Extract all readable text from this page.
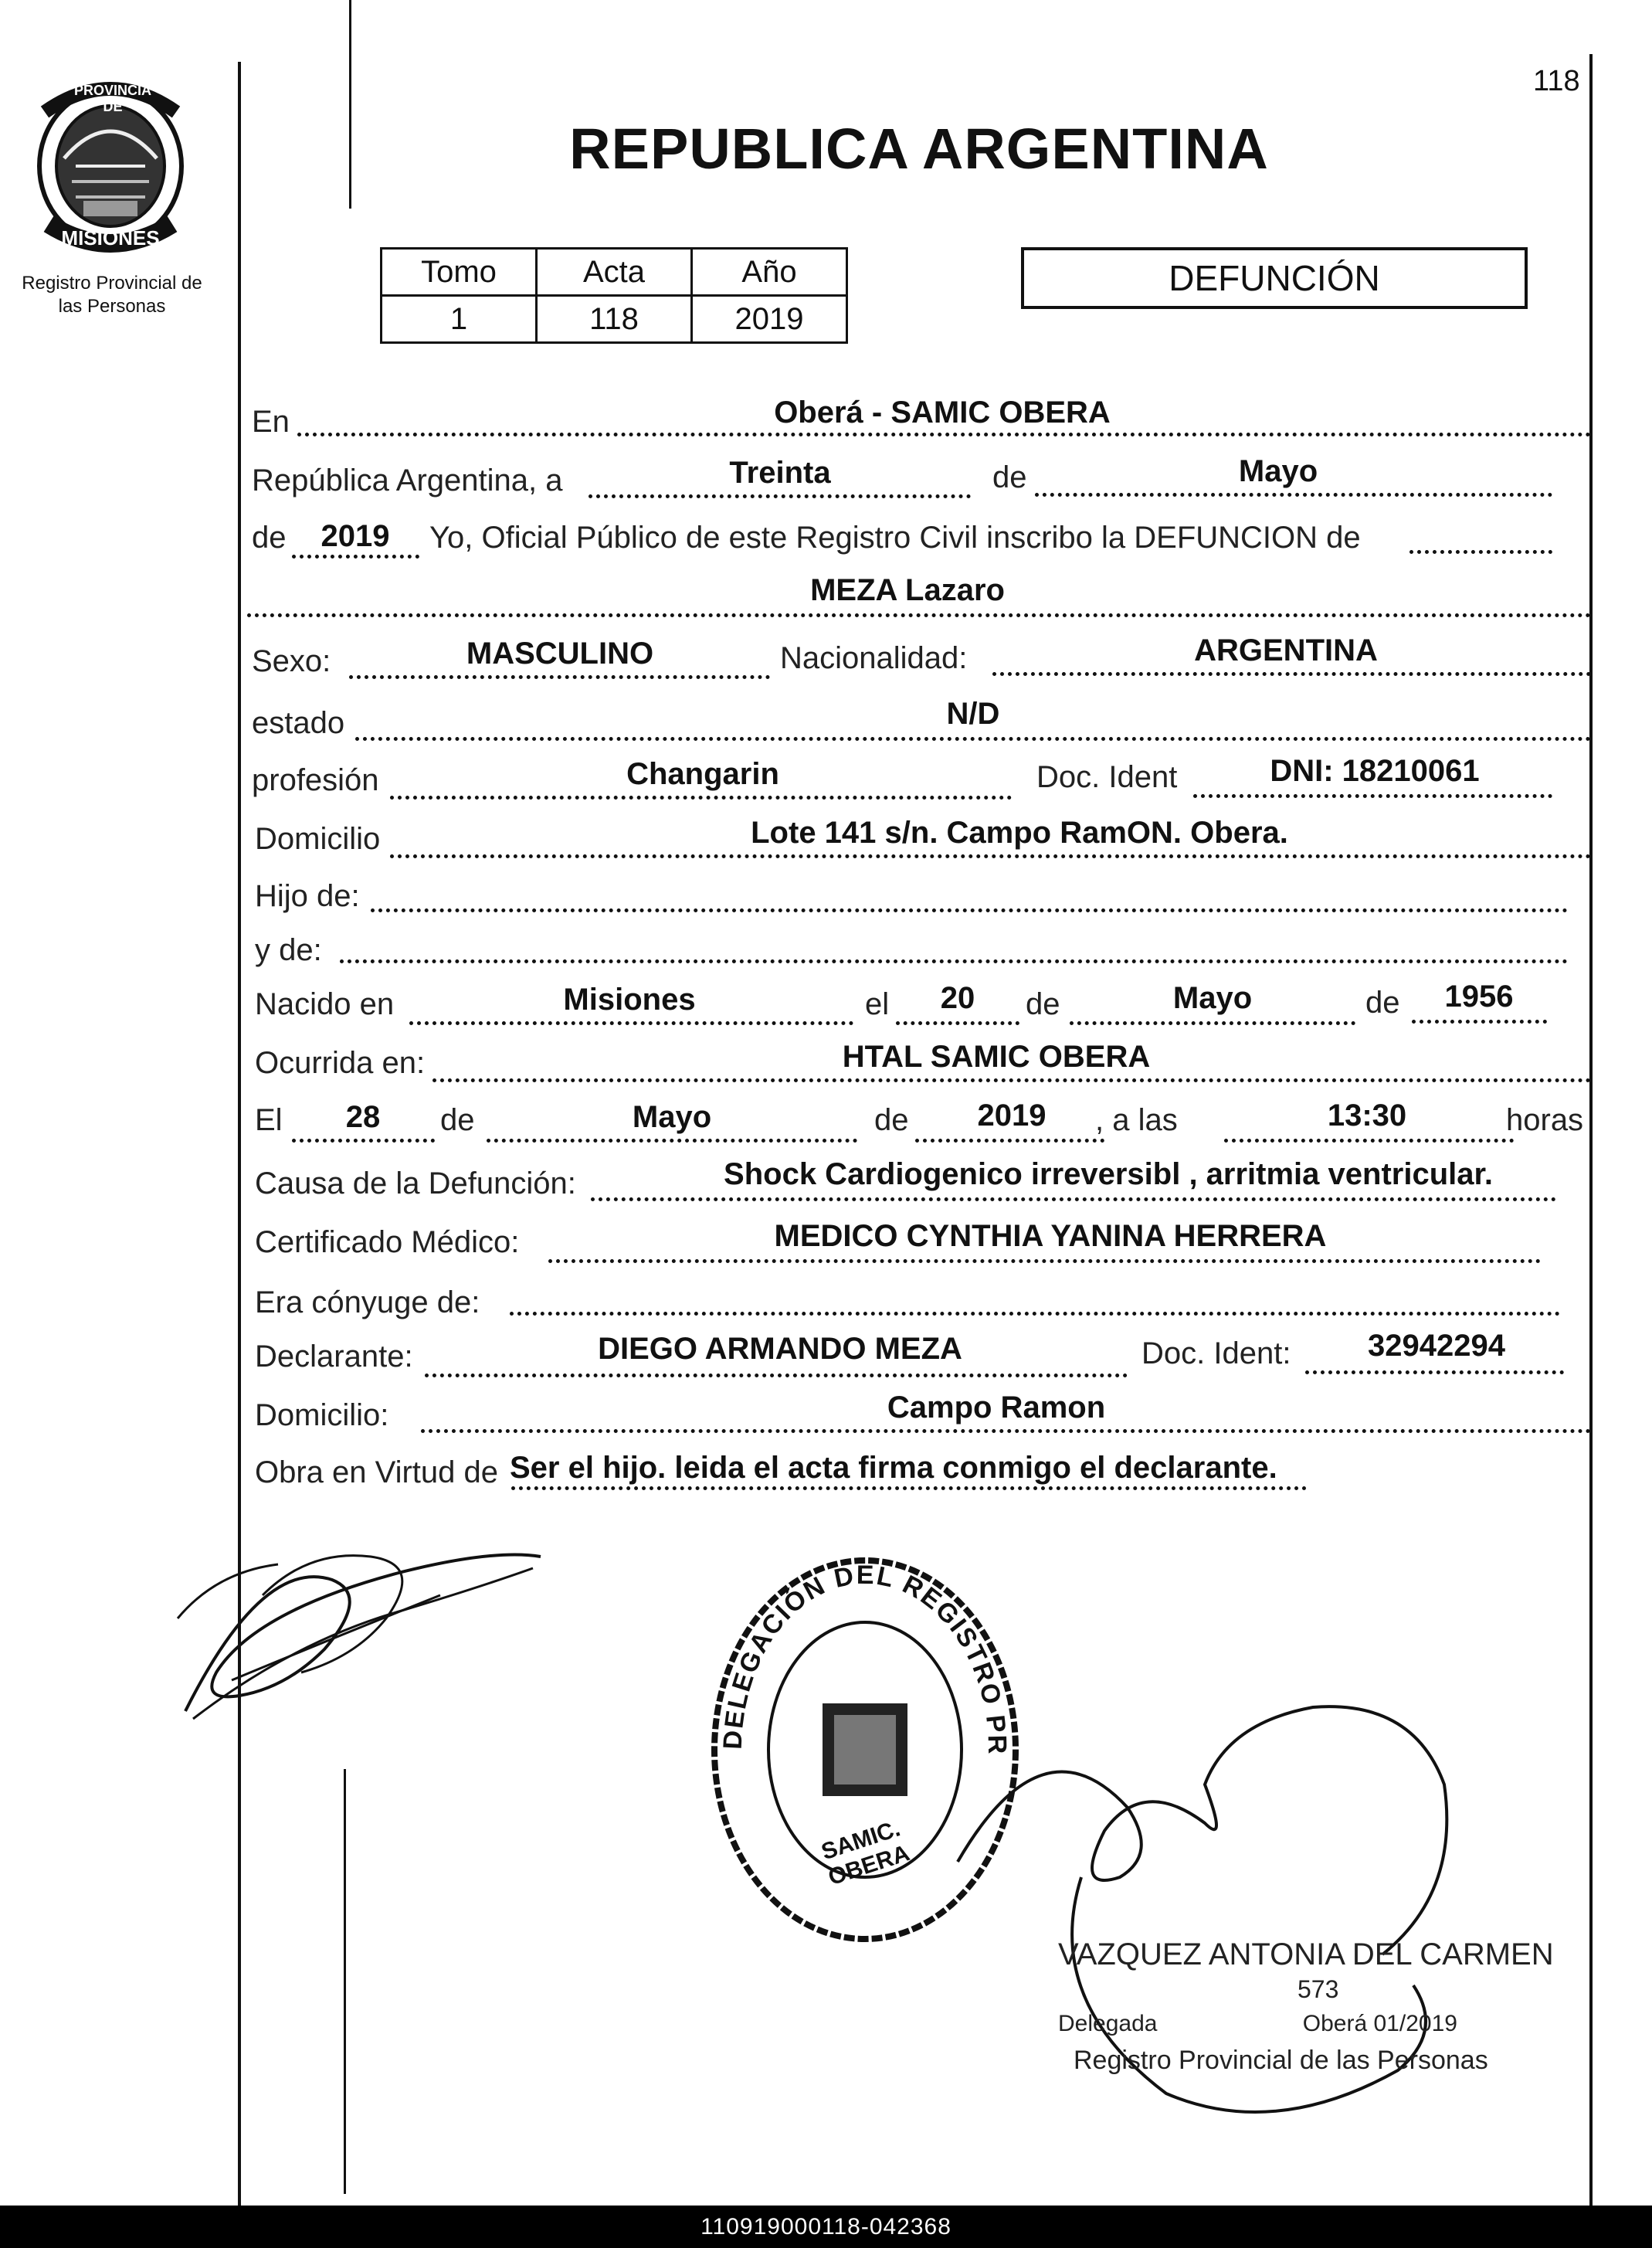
PROVINCIA DE
MISIONES
Registro Provincial de
las Personas
118
REPUBLICA ARGENTINA
Tomo	Acta	Año
1	118	2019
DEFUNCIÓN
En	Oberá - SAMIC OBERA
República Argentina, a	Treinta	de	Mayo
de	2019	Yo, Oficial Público de este Registro Civil inscribo la DEFUNCION de
MEZA Lazaro
Sexo:	MASCULINO	Nacionalidad:	ARGENTINA
estado	N/D
profesión	Changarin	Doc. Ident	DNI: 18210061
Domicilio	Lote 141 s/n. Campo RamON. Obera.
Hijo de:
y de:
Nacido en	Misiones	el	20	de	Mayo	de	1956
Ocurrida en:	HTAL SAMIC OBERA
El	28	de	Mayo	de	2019	, a las	13:30	horas
Causa de la Defunción:	Shock Cardiogenico irreversibl , arritmia ventricular.
Certificado Médico:	MEDICO CYNTHIA YANINA HERRERA
Era cónyuge de:
Declarante:	DIEGO ARMANDO MEZA	Doc. Ident:	32942294
Domicilio:	Campo Ramon
Obra en Virtud de Ser el hijo. leida el acta firma conmigo el declarante.
DELEGACIÓN DEL REGISTRO PR
SAMIC. OBERA
VAZQUEZ ANTONIA DEL CARMEN
573
Delegada	Oberá 01/2019
Registro Provincial de las Personas
110919000118-042368
